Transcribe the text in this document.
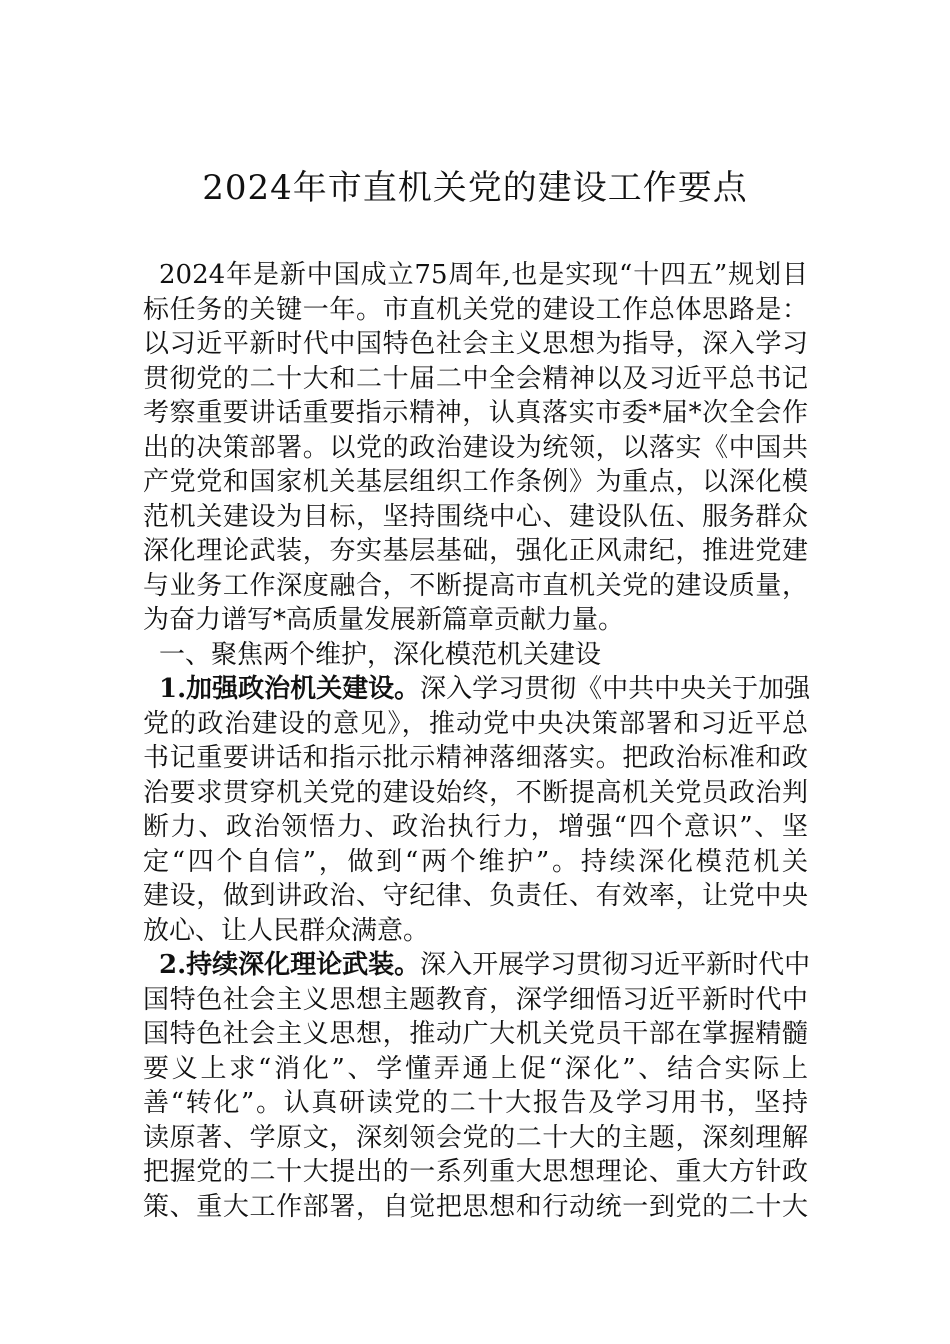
2024年市直机关党的建设工作要点
2024年是新中国成立75周年,也是实现“十四五”规划目
标任务的关键一年。市直机关党的建设工作总体思路是：
以习近平新时代中国特色社会主义思想为指导，深入学习
贯彻党的二十大和二十届二中全会精神以及习近平总书记
考察重要讲话重要指示精神，认真落实市委*届*次全会作
出的决策部署。以党的政治建设为统领，以落实《中国共
产党党和国家机关基层组织工作条例》为重点，以深化模
范机关建设为目标，坚持围绕中心、建设队伍、服务群众
深化理论武装，夯实基层基础，强化正风肃纪，推进党建
与业务工作深度融合，不断提高市直机关党的建设质量，
为奋力谱写*高质量发展新篇章贡献力量。
一、聚焦两个维护，深化模范机关建设
1.加强政治机关建设。深入学习贯彻《中共中央关于加强
党的政治建设的意见》，推动党中央决策部署和习近平总
书记重要讲话和指示批示精神落细落实。把政治标准和政
治要求贯穿机关党的建设始终，不断提高机关党员政治判
断力、政治领悟力、政治执行力，增强“四个意识”、坚
定“四个自信”，做到“两个维护”。持续深化模范机关
建设，做到讲政治、守纪律、负责任、有效率，让党中央
放心、让人民群众满意。
2.持续深化理论武装。深入开展学习贯彻习近平新时代中
国特色社会主义思想主题教育，深学细悟习近平新时代中
国特色社会主义思想，推动广大机关党员干部在掌握精髓
要义上求“消化”、学懂弄通上促“深化”、结合实际上
善“转化”。认真研读党的二十大报告及学习用书，坚持
读原著、学原文，深刻领会党的二十大的主题，深刻理解
把握党的二十大提出的一系列重大思想理论、重大方针政
策、重大工作部署，自觉把思想和行动统一到党的二十大
